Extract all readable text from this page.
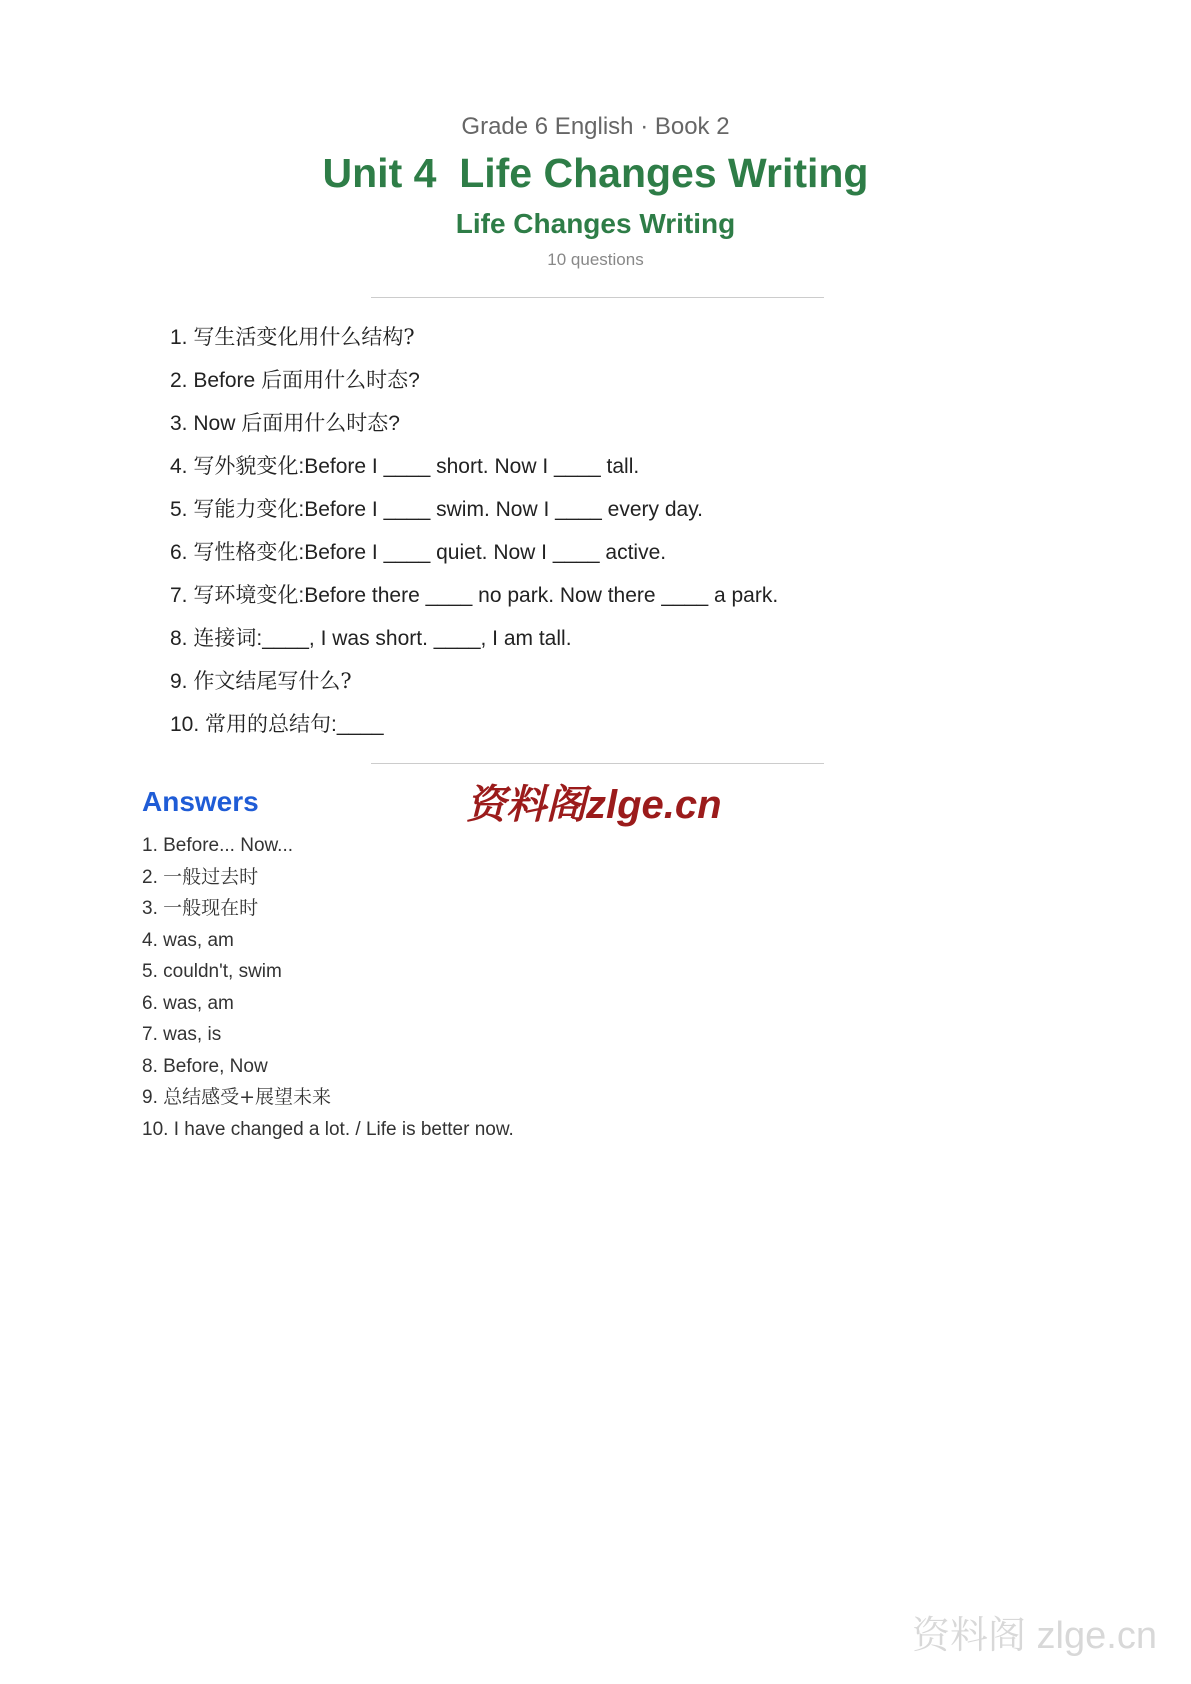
Grade 6 English · Book 2
Unit 4  Life Changes Writing
Life Changes Writing
10 questions
1. 写生活变化用什么结构?
2. Before 后面用什么时态?
3. Now 后面用什么时态?
4. 写外貌变化:Before I ____ short. Now I ____ tall.
5. 写能力变化:Before I ____ swim. Now I ____ every day.
6. 写性格变化:Before I ____ quiet. Now I ____ active.
7. 写环境变化:Before there ____ no park. Now there ____ a park.
8. 连接词:____, I was short. ____, I am tall.
9. 作文结尾写什么?
10. 常用的总结句:____
Answers	资料阁zlge.cn
1. Before... Now...
2. 一般过去时
3. 一般现在时
4. was, am
5. couldn't, swim
6. was, am
7. was, is
8. Before, Now
9. 总结感受+展望未来
10. I have changed a lot. / Life is better now.
资料阁 zlge.cn
